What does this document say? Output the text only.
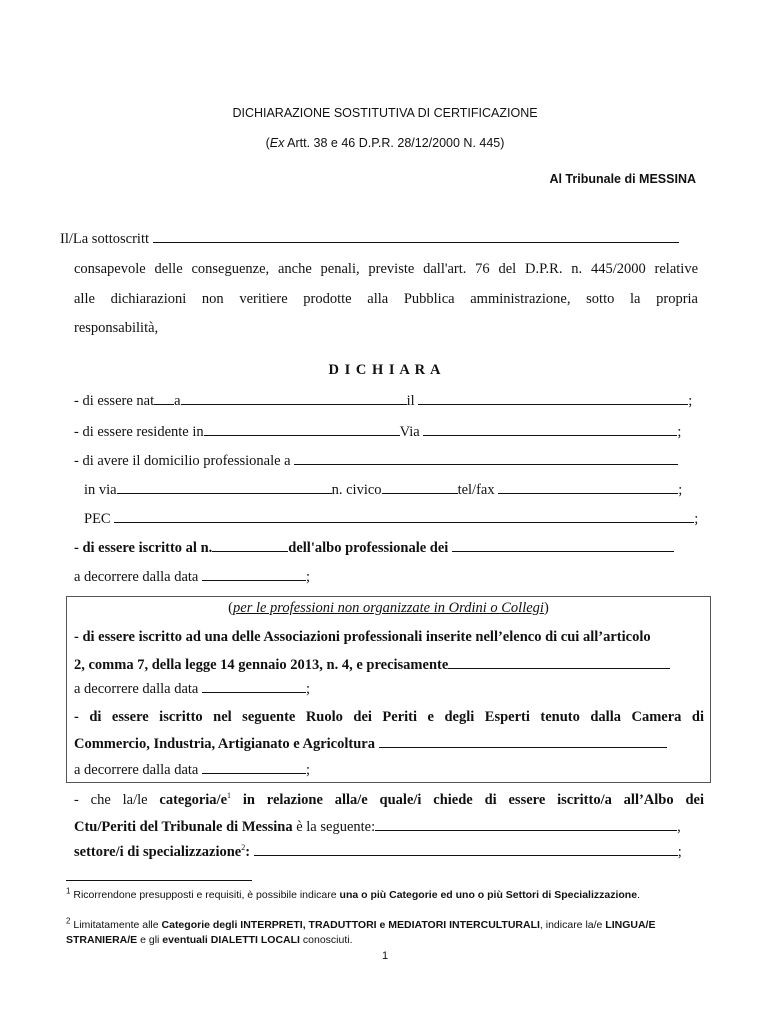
DICHIARAZIONE SOSTITUTIVA DI CERTIFICAZIONE
(Ex Artt. 38 e 46 D.P.R. 28/12/2000 N. 445)
Al Tribunale di MESSINA
Il/La sottoscritt
consapevole delle conseguenze, anche penali, previste dall'art. 76 del D.P.R. n. 445/2000 relative
alle dichiarazioni non veritiere prodotte alla Pubblica amministrazione, sotto la propria
responsabilità,
D I C H I A R A
- di essere nat a	il	;
- di essere residente in	Via	;
- di avere il domicilio professionale a
in via	n. civico	tel/fax	;
PEC	;
- di essere iscritto al n.	dell'albo professionale dei
a decorrere dalla data	;
(per le professioni non organizzate in Ordini o Collegi)
- di essere iscritto ad una delle Associazioni professionali inserite nell’elenco di cui all’articolo
2, comma 7, della legge 14 gennaio 2013, n. 4, e precisamente
a decorrere dalla data	;
- di essere iscritto nel seguente Ruolo dei Periti e degli Esperti tenuto dalla Camera di
Commercio, Industria, Artigianato e Agricoltura
a decorrere dalla data	;
- che la/le categoria/$e^1$ in relazione alla/e quale/i chiede di essere iscritto/a all’Albo dei
Ctu/Periti del Tribunale di Messina è la seguente:	,
settore/i di specializzazione$^2$:	;
$^1$ Ricorrendone presupposti e requisiti, è possibile indicare una o più Categorie ed uno o più Settori di Specializzazione.
$^2$ Limitatamente alle Categorie degli INTERPRETI, TRADUTTORI e MEDIATORI INTERCULTURALI, indicare la/e LINGUA/E
STRANIERA/E e gli eventuali DIALETTI LOCALI conosciuti.
1
